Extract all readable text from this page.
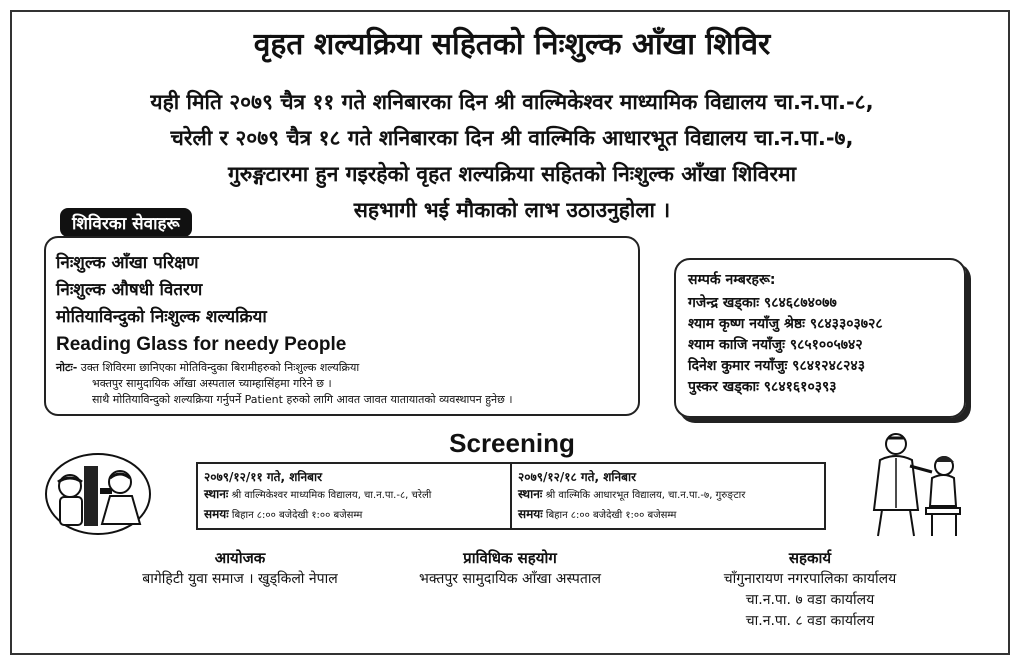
वृहत शल्यक्रिया सहितको निःशुल्क आँखा शिविर
यही मिति २०७९ चैत्र ११ गते शनिबारका दिन श्री वाल्मिकेश्वर माध्यामिक विद्यालय चा.न.पा.-८,
चरेली र २०७९ चैत्र १८ गते शनिबारका दिन श्री वाल्मिकि आधारभूत विद्यालय चा.न.पा.-७,
गुरुङ्गटारमा हुन गइरहेको वृहत शल्यक्रिया सहितको निःशुल्क आँखा शिविरमा
सहभागी भई मौकाको लाभ उठाउनुहोला ।
शिविरका सेवाहरू
निःशुल्क आँखा परिक्षण
निःशुल्क औषधी वितरण
मोतियाविन्दुको निःशुल्क शल्यक्रिया
Reading Glass for needy People
नोटः- उक्त शिविरमा छानिएका मोतिविन्दुका बिरामीहरुको निःशुल्क शल्यक्रिया
भक्तपुर सामुदायिक आँखा अस्पताल च्याम्हासिंहमा गरिने छ ।
साथै मोतियाविन्दुको शल्यक्रिया गर्नुपर्ने Patient हरुको लागि आवत जावत यातायातको व्यवस्थापन हुनेछ ।
सम्पर्क नम्बरहरू:
गजेन्द्र खड्काः ९८४६८७४०७७
श्याम कृष्ण नयाँजु श्रेष्ठः ९८४३३०३७२८
श्याम काजि नयाँजुः ९८५१००५७४२
दिनेश कुमार नयाँजुः ९८४१२४८२४३
पुस्कर खड्काः ९८४१६१०३९३
Screening
२०७९/१२/११ गते, शनिबार
स्थानः श्री वाल्मिकेश्वर माध्यमिक विद्यालय, चा.न.पा.-८, चरेली
समयः बिहान ८:०० बजेदेखी १:०० बजेसम्म
२०७९/१२/१८ गते, शनिबार
स्थानः श्री वाल्मिकि आधारभूत विद्यालय, चा.न.पा.-७, गुरुङ्टार
समयः बिहान ८:०० बजेदेखी १:०० बजेसम्म
आयोजक
बागेहिटी युवा समाज । खुड्किलो नेपाल
प्राविधिक सहयोग
भक्तपुर सामुदायिक आँखा अस्पताल
सहकार्य
चाँगुनारायण नगरपालिका कार्यालय
चा.न.पा. ७ वडा कार्यालय
चा.न.पा. ८ वडा कार्यालय
